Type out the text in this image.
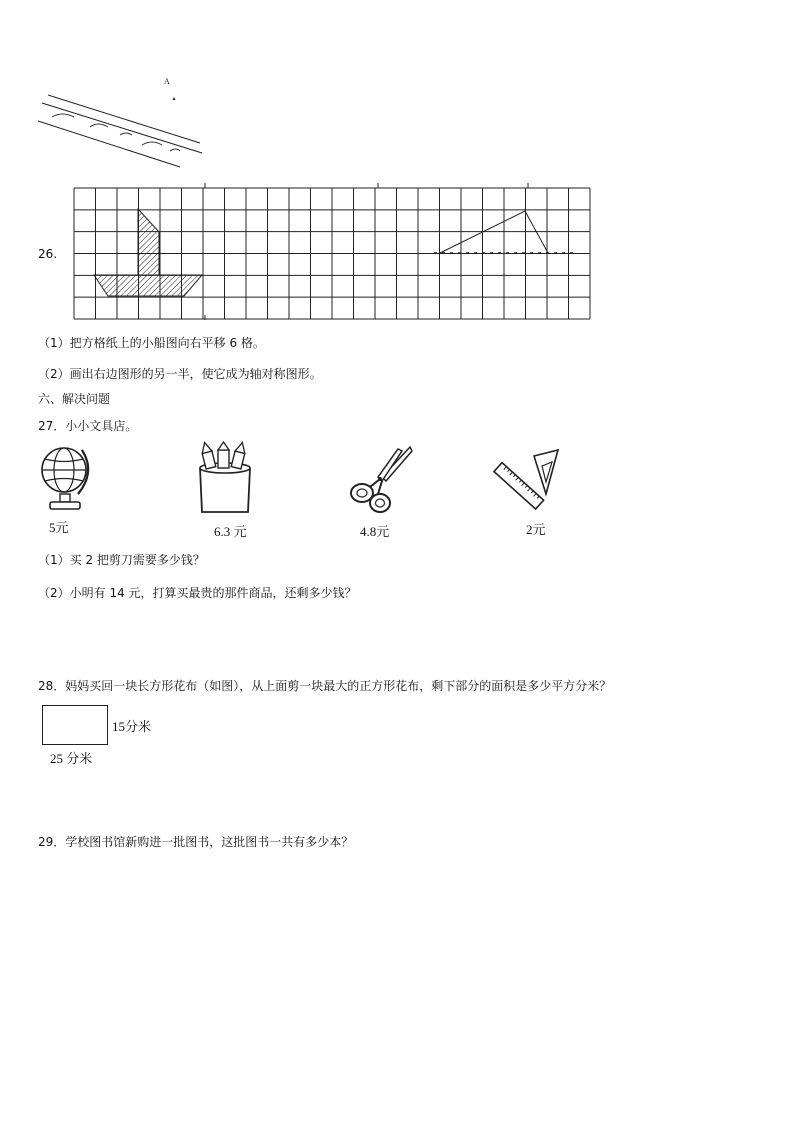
A
26.
（1）把方格纸上的小船图向右平移 6 格。
（2）画出右边图形的另一半，使它成为轴对称图形。
六、解决问题
27．小小文具店。
5元	6.3 元	4.8元	2元
（1）买 2 把剪刀需要多少钱？
（2）小明有 14 元，打算买最贵的那件商品，还剩多少钱？
28．妈妈买回一块长方形花布（如图），从上面剪一块最大的正方形花布，剩下部分的面积是多少平方分米？
15分米
25 分米
29．学校图书馆新购进一批图书，这批图书一共有多少本？
